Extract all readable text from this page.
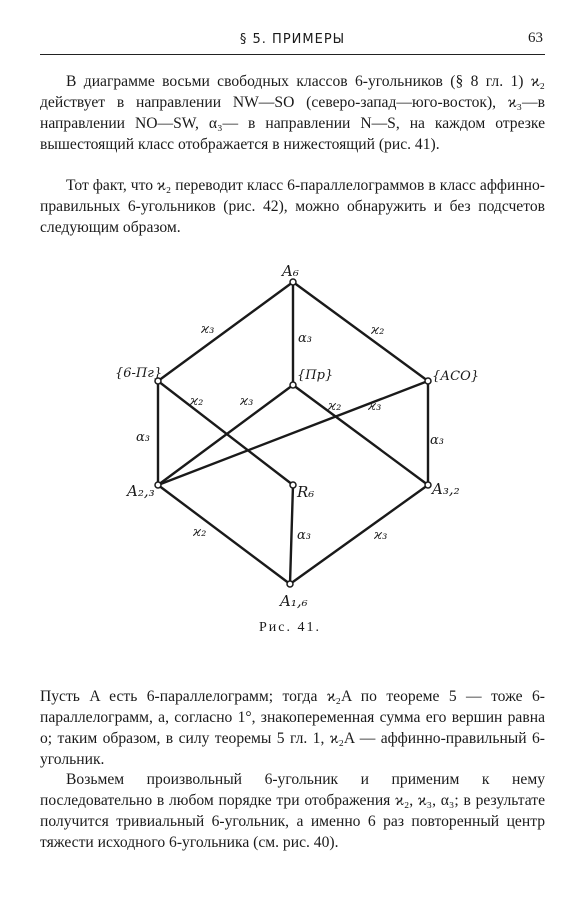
§ 5. ПРИМЕРЫ	63

В диаграмме восьми свободных классов 6-угольников (§ 8 гл. 1) ϰ₂ действует в направлении NW—SO (северо-запад—юго-восток), ϰ₃—в направлении NO—SW, α₃— в направлении N—S, на каждом отрезке вышестоящий класс отображается в нижестоящий (рис. 41).

Тот факт, что ϰ₂ переводит класс 6-параллелограммов в класс аффинно-правильных 6-угольников (рис. 42), можно обнаружить и без подсчетов следующим образом.

A₆
{6-Пг}	{Пр}	{АСО}
A₂,₃	R₆	A₃,₂
A₁,₆
ϰ₃
α₃
ϰ₂
ϰ₂	ϰ₃	ϰ₂ ϰ₃
α₃	α₃
ϰ₂	α₃	ϰ₃
Рис. 41.

Пусть A есть 6-параллелограмм; тогда ϰ₂A по теореме 5 — тоже 6-параллелограмм, а, согласно 1°, знакопеременная сумма его вершин равна o; таким образом, в силу теоремы 5 гл. 1, ϰ₂A — аффинно-правильный 6-угольник.

Возьмем произвольный 6-угольник и применим к нему последовательно в любом порядке три отображения ϰ₂, ϰ₃, α₃; в результате получится тривиальный 6-угольник, а именно 6 раз повторенный центр тяжести исходного 6-угольника (см. рис. 40).
